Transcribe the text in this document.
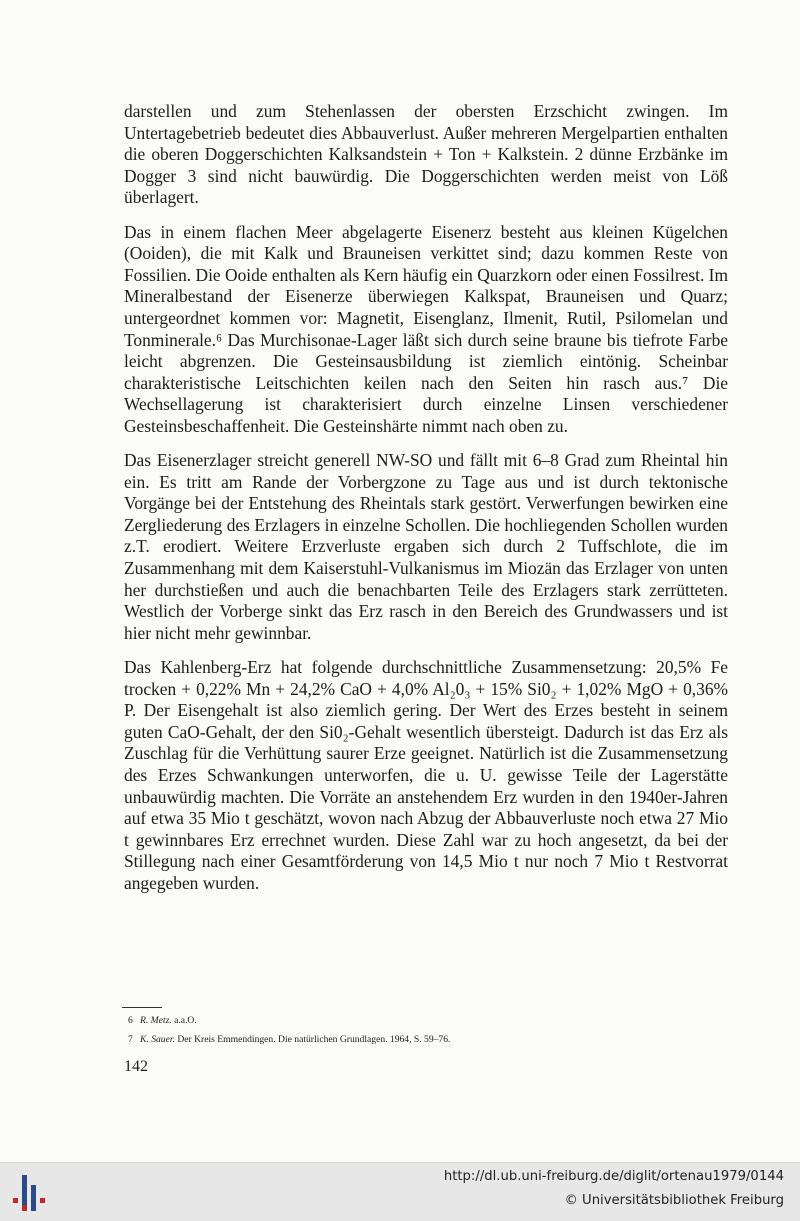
darstellen und zum Stehenlassen der obersten Erzschicht zwingen. Im Untertagebetrieb bedeutet dies Abbauverlust. Außer mehreren Mergelpartien enthalten die oberen Doggerschichten Kalksandstein + Ton + Kalkstein. 2 dünne Erzbänke im Dogger 3 sind nicht bauwürdig. Die Doggerschichten werden meist von Löß überlagert.

Das in einem flachen Meer abgelagerte Eisenerz besteht aus kleinen Kügelchen (Ooiden), die mit Kalk und Brauneisen verkittet sind; dazu kommen Reste von Fossilien. Die Ooide enthalten als Kern häufig ein Quarzkorn oder einen Fossilrest. Im Mineralbestand der Eisenerze überwiegen Kalkspat, Brauneisen und Quarz; untergeordnet kommen vor: Magnetit, Eisenglanz, Ilmenit, Rutil, Psilomelan und Tonminerale.⁶ Das Murchisonae-Lager läßt sich durch seine braune bis tiefrote Farbe leicht abgrenzen. Die Gesteinsausbildung ist ziemlich eintönig. Scheinbar charakteristische Leitschichten keilen nach den Seiten hin rasch aus.⁷ Die Wechsellagerung ist charakterisiert durch einzelne Linsen verschiedener Gesteinsbeschaffenheit. Die Gesteinshärte nimmt nach oben zu.

Das Eisenerzlager streicht generell NW-SO und fällt mit 6–8 Grad zum Rheintal hin ein. Es tritt am Rande der Vorbergzone zu Tage aus und ist durch tektonische Vorgänge bei der Entstehung des Rheintals stark gestört. Verwerfungen bewirken eine Zergliederung des Erzlagers in einzelne Schollen. Die hochliegenden Schollen wurden z.T. erodiert. Weitere Erzverluste ergaben sich durch 2 Tuffschlote, die im Zusammenhang mit dem Kaiserstuhl-Vulkanismus im Miozän das Erzlager von unten her durchstießen und auch die benachbarten Teile des Erzlagers stark zerrütteten. Westlich der Vorberge sinkt das Erz rasch in den Bereich des Grundwassers und ist hier nicht mehr gewinnbar.

Das Kahlenberg-Erz hat folgende durchschnittliche Zusammensetzung: 20,5% Fe trocken + 0,22% Mn + 24,2% CaO + 4,0% Al₂0₃ + 15% Si0₂ + 1,02% MgO + 0,36% P. Der Eisengehalt ist also ziemlich gering. Der Wert des Erzes besteht in seinem guten CaO-Gehalt, der den Si0₂-Gehalt wesentlich übersteigt. Dadurch ist das Erz als Zuschlag für die Verhüttung saurer Erze geeignet. Natürlich ist die Zusammensetzung des Erzes Schwankungen unterworfen, die u. U. gewisse Teile der Lagerstätte unbauwürdig machten. Die Vorräte an anstehendem Erz wurden in den 1940er-Jahren auf etwa 35 Mio t geschätzt, wovon nach Abzug der Abbauverluste noch etwa 27 Mio t gewinnbares Erz errechnet wurden. Diese Zahl war zu hoch angesetzt, da bei der Stillegung nach einer Gesamtförderung von 14,5 Mio t nur noch 7 Mio t Restvorrat angegeben wurden.

6 R. Metz. a.a.O.
7 K. Sauer. Der Kreis Emmendingen. Die natürlichen Grundlagen. 1964, S. 59–76.
142
http://dl.ub.uni-freiburg.de/diglit/ortenau1979/0144
© Universitätsbibliothek Freiburg
